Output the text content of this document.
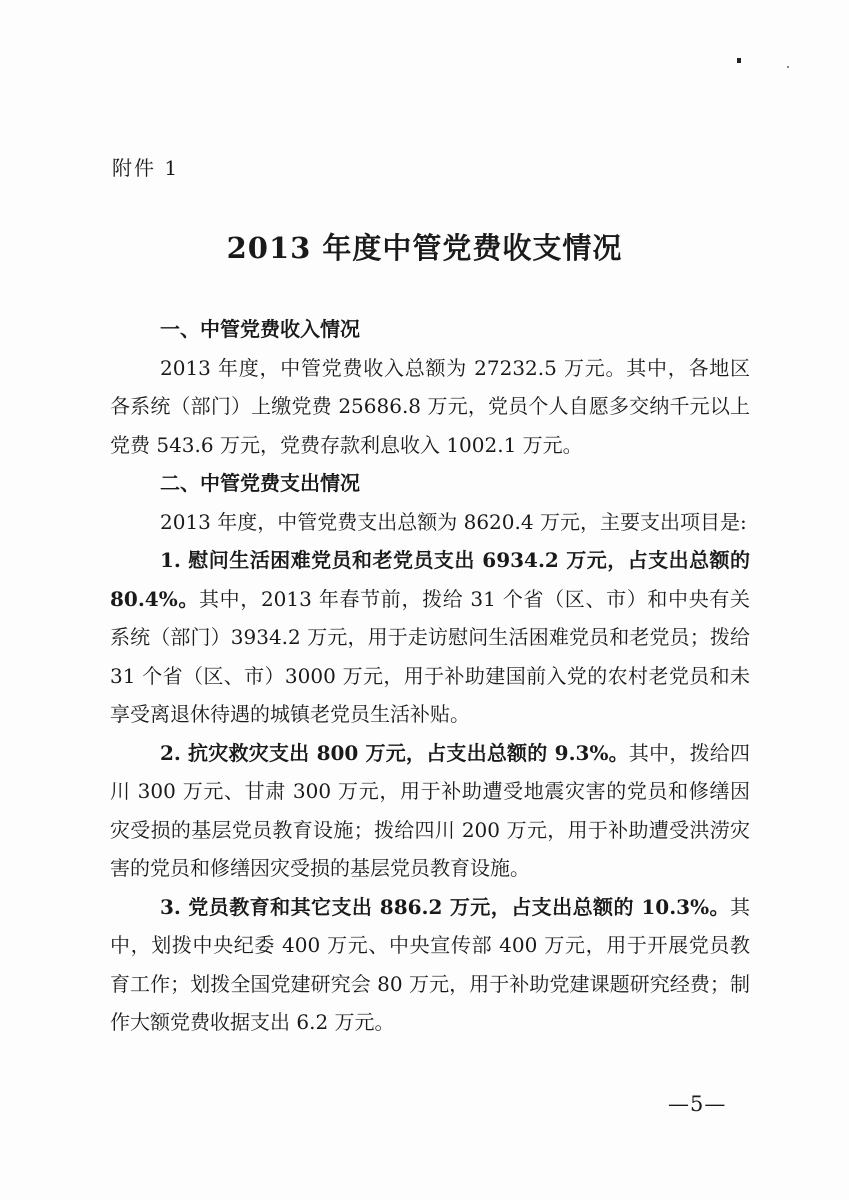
附件 1
2013 年度中管党费收支情况

一、中管党费收入情况

2013 年度，中管党费收入总额为 27232.5 万元。其中，各地区各系统（部门）上缴党费 25686.8 万元，党员个人自愿多交纳千元以上党费 543.6 万元，党费存款利息收入 1002.1 万元。

二、中管党费支出情况

2013 年度，中管党费支出总额为 8620.4 万元，主要支出项目是:

1. 慰问生活困难党员和老党员支出 6934.2 万元，占支出总额的 80.4%。其中，2013 年春节前，拨给 31 个省（区、市）和中央有关系统（部门）3934.2 万元，用于走访慰问生活困难党员和老党员；拨给 31 个省（区、市）3000 万元，用于补助建国前入党的农村老党员和未享受离退休待遇的城镇老党员生活补贴。

2. 抗灾救灾支出 800 万元，占支出总额的 9.3%。其中，拨给四川 300 万元、甘肃 300 万元，用于补助遭受地震灾害的党员和修缮因灾受损的基层党员教育设施；拨给四川 200 万元，用于补助遭受洪涝灾害的党员和修缮因灾受损的基层党员教育设施。

3. 党员教育和其它支出 886.2 万元，占支出总额的 10.3%。其中，划拨中央纪委 400 万元、中央宣传部 400 万元，用于开展党员教育工作；划拨全国党建研究会 80 万元，用于补助党建课题研究经费；制作大额党费收据支出 6.2 万元。

—5—
